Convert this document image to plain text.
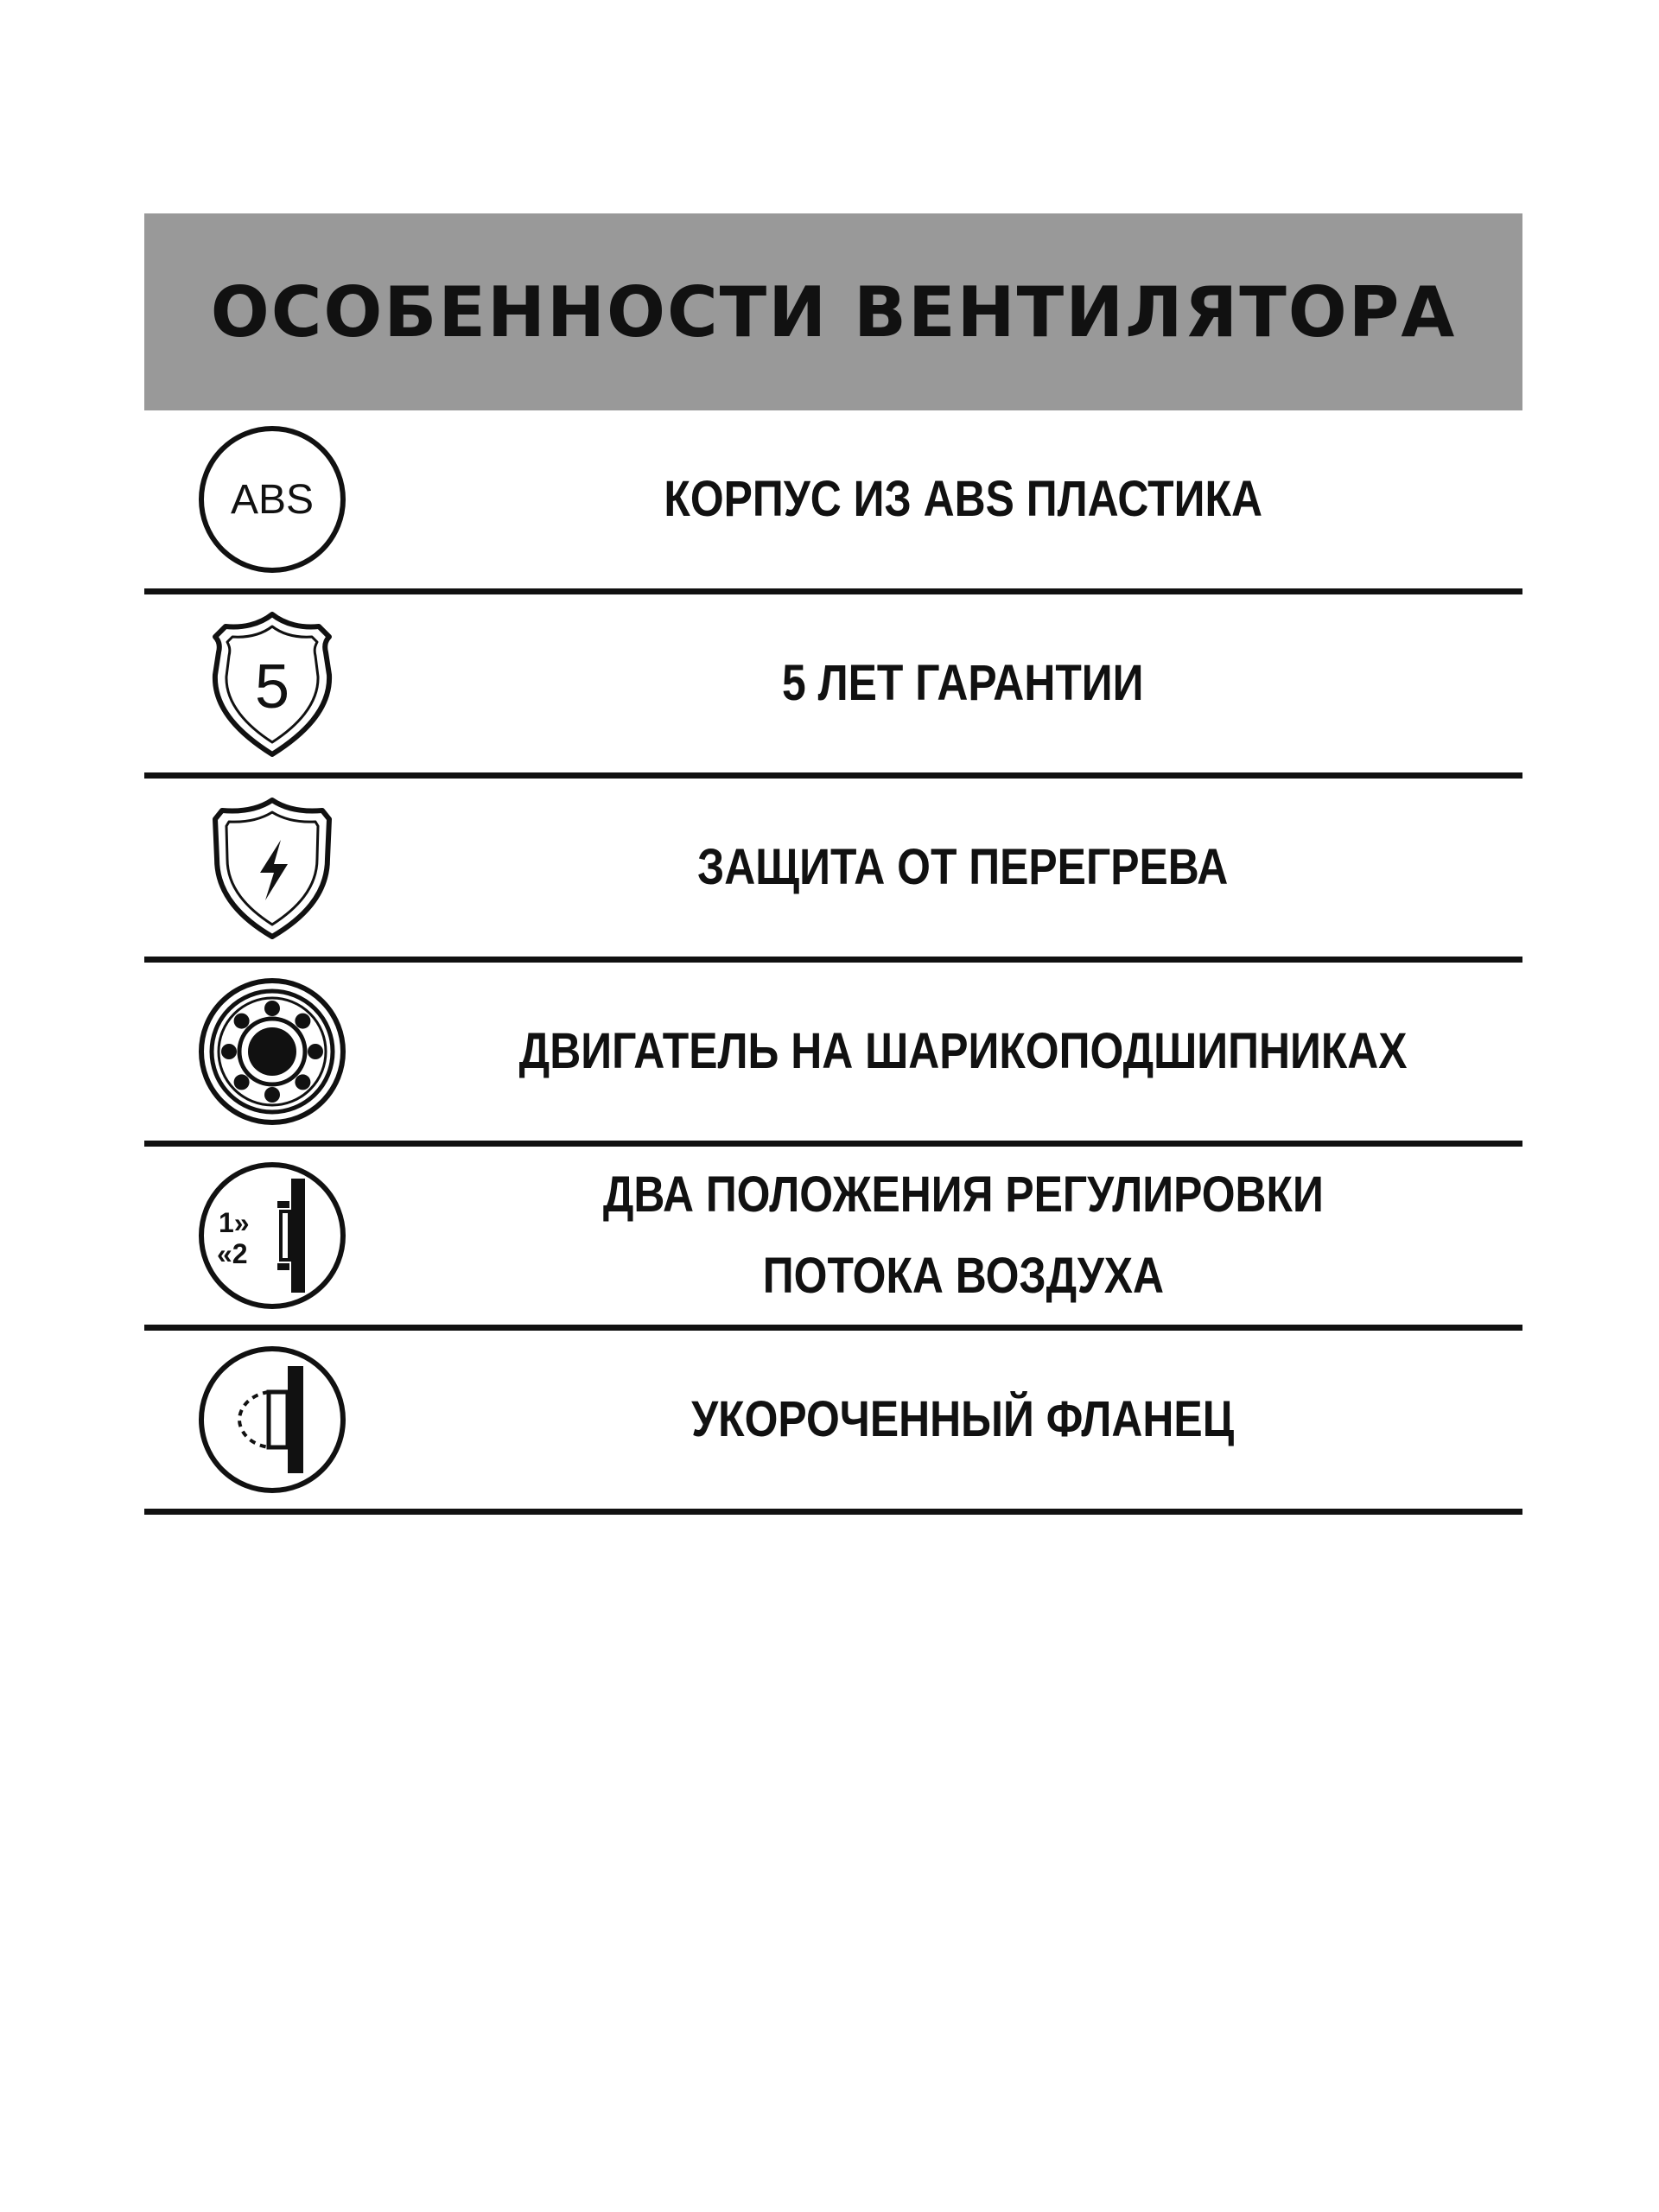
ОСОБЕННОСТИ ВЕНТИЛЯТОРА
ABS	КОРПУС ИЗ ABS ПЛАСТИКА
5	5 ЛЕТ ГАРАНТИИ
ЗАЩИТА ОТ ПЕРЕГРЕВА
ДВИГАТЕЛЬ НА ШАРИКОПОДШИПНИКАХ
1»
«2
ДВА ПОЛОЖЕНИЯ РЕГУЛИРОВКИ
ПОТОКА ВОЗДУХА
УКОРОЧЕННЫЙ ФЛАНЕЦ
